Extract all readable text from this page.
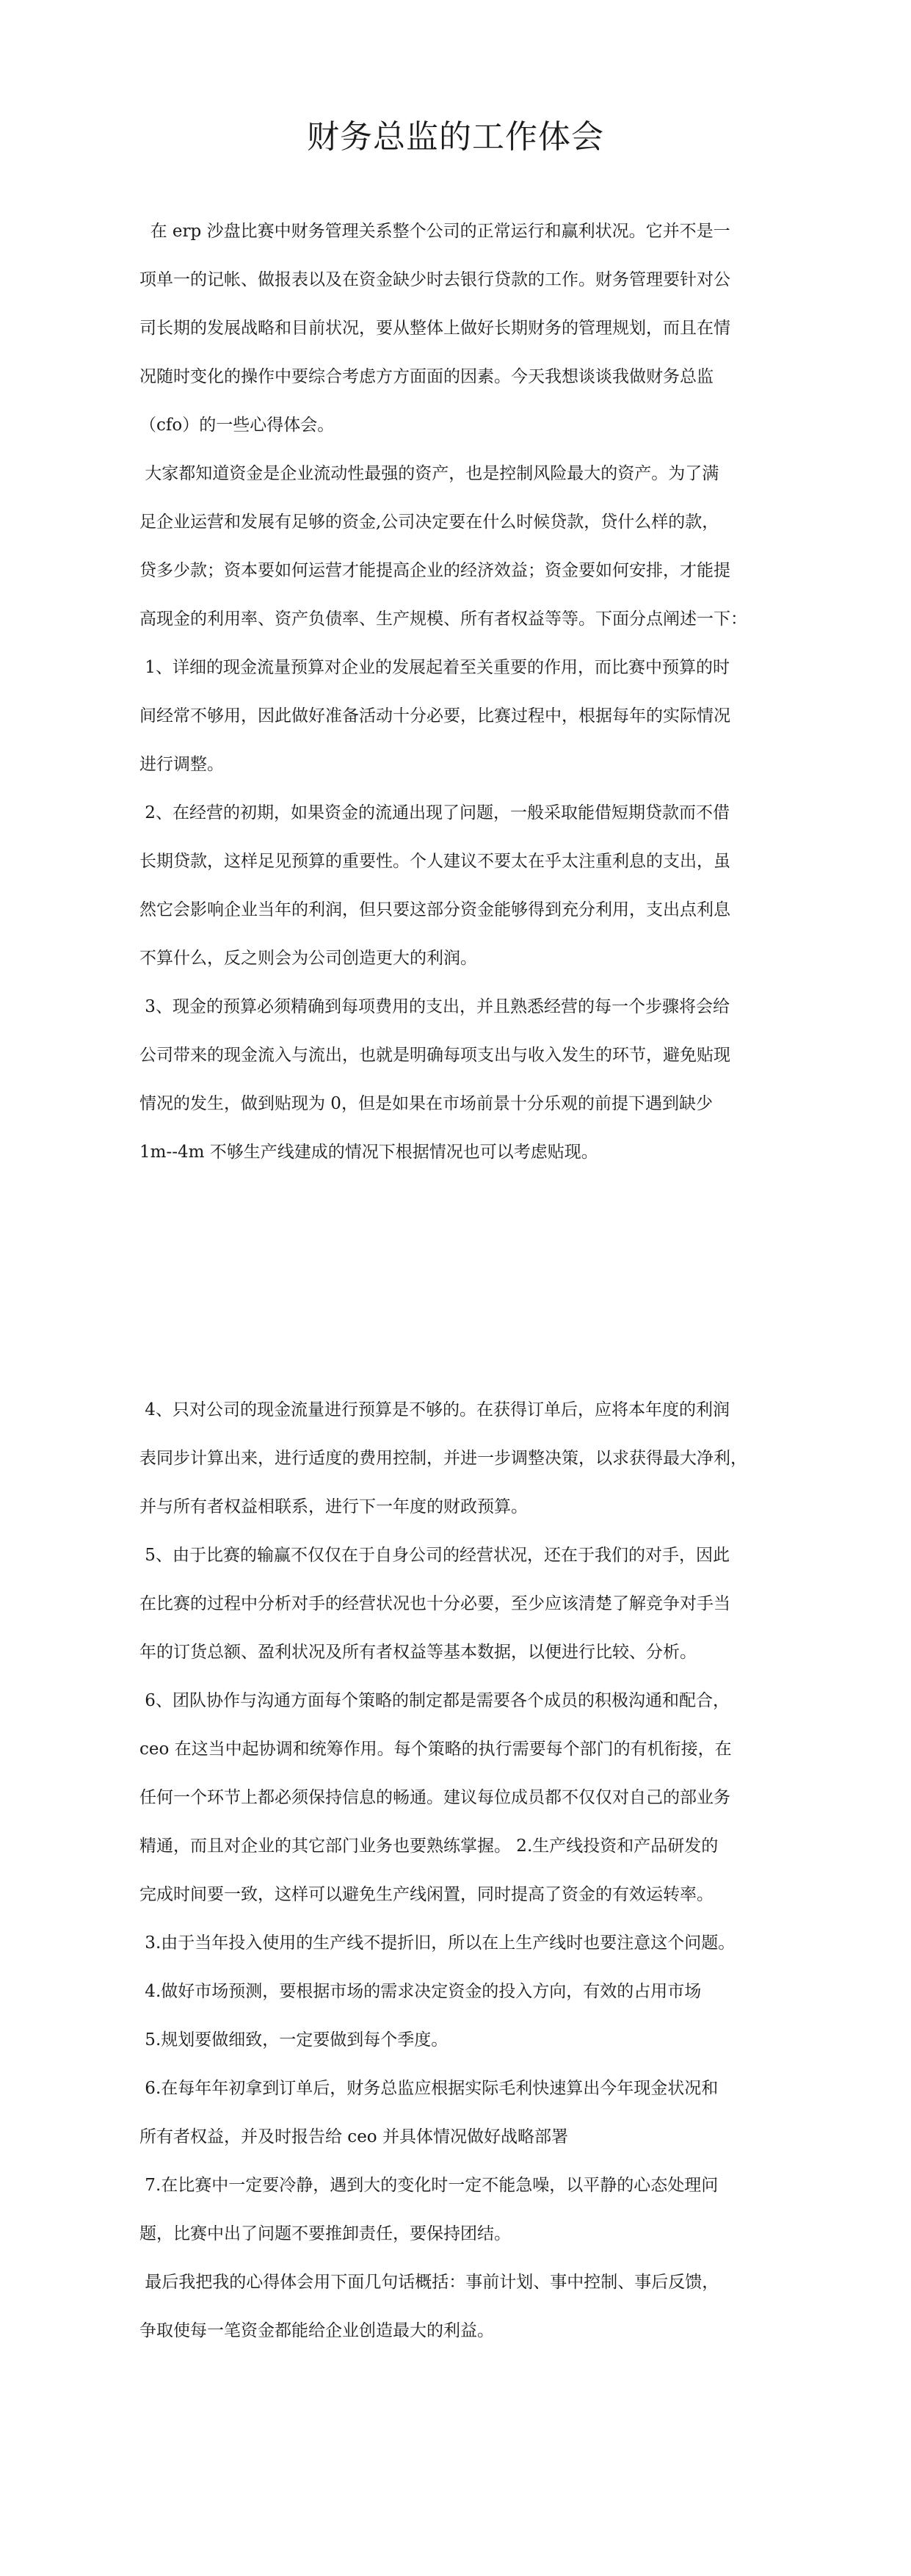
财务总监的工作体会

在 erp 沙盘比赛中财务管理关系整个公司的正常运行和赢利状况。它并不是一

项单一的记帐、做报表以及在资金缺少时去银行贷款的工作。财务管理要针对公

司长期的发展战略和目前状况，要从整体上做好长期财务的管理规划，而且在情

况随时变化的操作中要综合考虑方方面面的因素。今天我想谈谈我做财务总监

（cfo）的一些心得体会。

大家都知道资金是企业流动性最强的资产，也是控制风险最大的资产。为了满

足企业运营和发展有足够的资金,公司决定要在什么时候贷款，贷什么样的款，

贷多少款；资本要如何运营才能提高企业的经济效益；资金要如何安排，才能提

高现金的利用率、资产负债率、生产规模、所有者权益等等。下面分点阐述一下：

1、详细的现金流量预算对企业的发展起着至关重要的作用，而比赛中预算的时

间经常不够用，因此做好准备活动十分必要，比赛过程中，根据每年的实际情况

进行调整。

2、在经营的初期，如果资金的流通出现了问题，一般采取能借短期贷款而不借

长期贷款，这样足见预算的重要性。个人建议不要太在乎太注重利息的支出，虽

然它会影响企业当年的利润，但只要这部分资金能够得到充分利用，支出点利息

不算什么，反之则会为公司创造更大的利润。

3、现金的预算必须精确到每项费用的支出，并且熟悉经营的每一个步骤将会给

公司带来的现金流入与流出，也就是明确每项支出与收入发生的环节，避免贴现

情况的发生，做到贴现为 0，但是如果在市场前景十分乐观的前提下遇到缺少

1m--4m 不够生产线建成的情况下根据情况也可以考虑贴现。

4、只对公司的现金流量进行预算是不够的。在获得订单后，应将本年度的利润

表同步计算出来，进行适度的费用控制，并进一步调整决策，以求获得最大净利，

并与所有者权益相联系，进行下一年度的财政预算。

5、由于比赛的输赢不仅仅在于自身公司的经营状况，还在于我们的对手，因此

在比赛的过程中分析对手的经营状况也十分必要，至少应该清楚了解竞争对手当

年的订货总额、盈利状况及所有者权益等基本数据，以便进行比较、分析。

6、团队协作与沟通方面每个策略的制定都是需要各个成员的积极沟通和配合，

ceo 在这当中起协调和统筹作用。每个策略的执行需要每个部门的有机衔接，在

任何一个环节上都必须保持信息的畅通。建议每位成员都不仅仅对自己的部业务

精通，而且对企业的其它部门业务也要熟练掌握。 2.生产线投资和产品研发的

完成时间要一致，这样可以避免生产线闲置，同时提高了资金的有效运转率。

3.由于当年投入使用的生产线不提折旧，所以在上生产线时也要注意这个问题。

4.做好市场预测，要根据市场的需求决定资金的投入方向，有效的占用市场

5.规划要做细致，一定要做到每个季度。

6.在每年年初拿到订单后，财务总监应根据实际毛利快速算出今年现金状况和

所有者权益，并及时报告给 ceo 并具体情况做好战略部署

7.在比赛中一定要冷静，遇到大的变化时一定不能急噪，以平静的心态处理问

题，比赛中出了问题不要推卸责任，要保持团结。

最后我把我的心得体会用下面几句话概括：事前计划、事中控制、事后反馈，

争取使每一笔资金都能给企业创造最大的利益。
